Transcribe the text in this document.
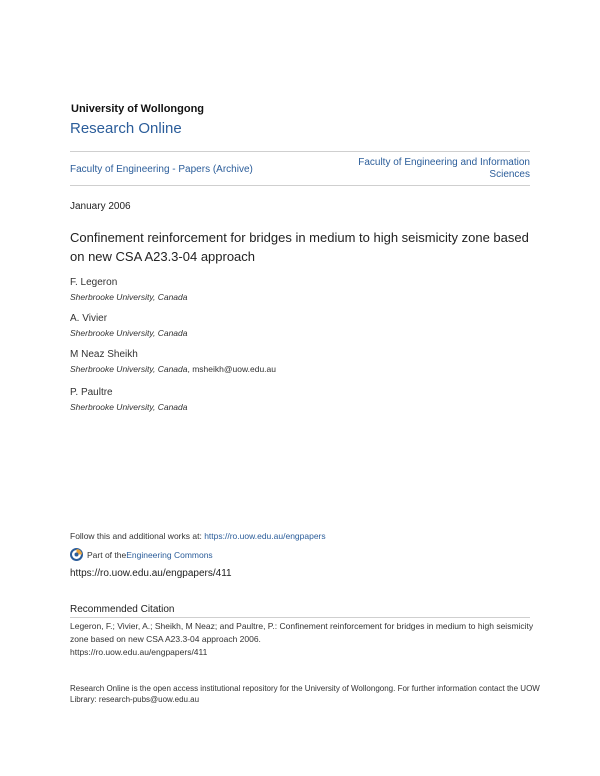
University of Wollongong
Research Online
Faculty of Engineering - Papers (Archive)
Faculty of Engineering and Information Sciences
January 2006
Confinement reinforcement for bridges in medium to high seismicity zone based on new CSA A23.3-04 approach
F. Legeron
Sherbrooke University, Canada
A. Vivier
Sherbrooke University, Canada
M Neaz Sheikh
Sherbrooke University, Canada, msheikh@uow.edu.au
P. Paultre
Sherbrooke University, Canada
Follow this and additional works at: https://ro.uow.edu.au/engpapers
Part of the Engineering Commons
https://ro.uow.edu.au/engpapers/411
Recommended Citation
Legeron, F.; Vivier, A.; Sheikh, M Neaz; and Paultre, P.: Confinement reinforcement for bridges in medium to high seismicity zone based on new CSA A23.3-04 approach 2006.
https://ro.uow.edu.au/engpapers/411
Research Online is the open access institutional repository for the University of Wollongong. For further information contact the UOW Library: research-pubs@uow.edu.au
